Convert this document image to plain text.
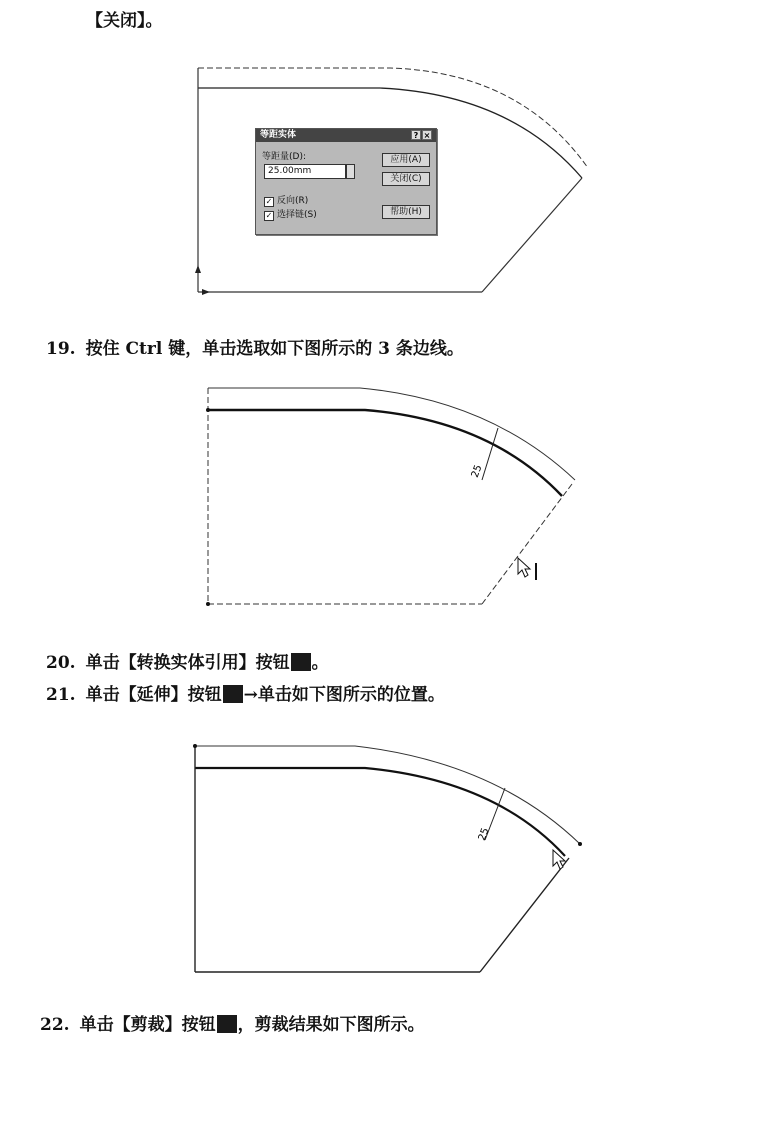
【关闭】。
等距实体	? ×
等距量(D):
25.00mm
应用(A)
关闭(C)
✓ 反向(R)
✓ 选择链(S)	帮助(H)
19. 按住 Ctrl 键，单击选取如下图所示的 3 条边线。
25
20. 单击【转换实体引用】按钮 。
21. 单击【延伸】按钮 →单击如下图所示的位置。
25
22. 单击【剪裁】按钮 ，剪裁结果如下图所示。
